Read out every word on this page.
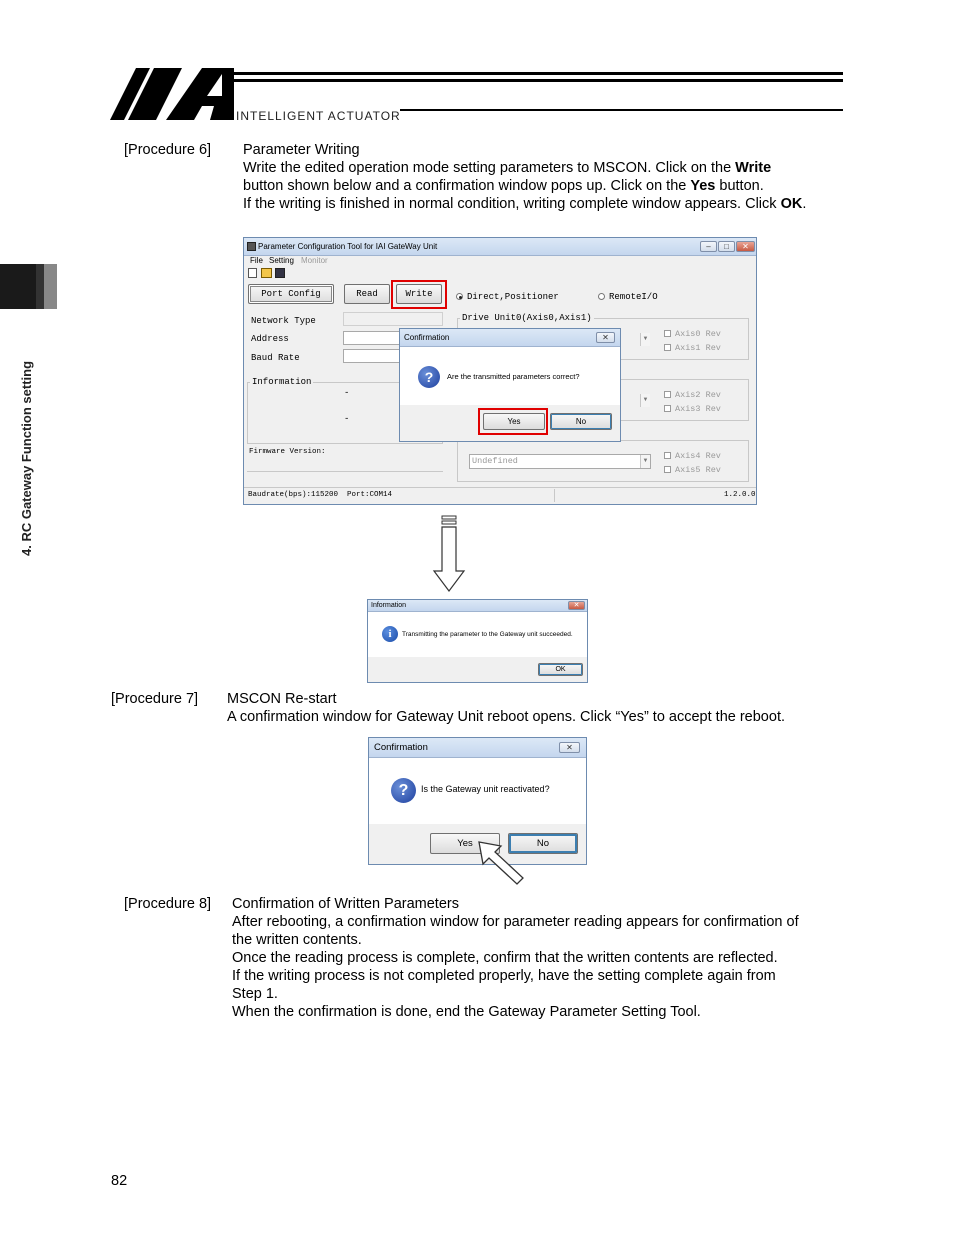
INTELLIGENT ACTUATOR
4. RC Gateway Function setting
[Procedure 6] Parameter Writing
Write the edited operation mode setting parameters to MSCON. Click on the Write
button shown below and a confirmation window pops up. Click on the Yes button.
If the writing is finished in normal condition, writing complete window appears. Click OK.
Parameter Configuration Tool for IAI GateWay Unit	‒	□	✕
File Setting Monitor
Port Config	Read	Write	Direct,Positioner	RemoteI/O
Network Type
Address
Baud Rate
Information
-
-
Firmware Version:
Drive Unit0(Axis0,Axis1)
▼	Axis0 Rev
Axis1 Rev
▼	Axis2 Rev
Axis3 Rev
Undefined	▼	Axis4 Rev
Axis5 Rev
Baudrate(bps):115200 Port:COM14	1.2.0.0
Confirmation	✕
?	Are the transmitted parameters correct?
Yes	No
Information	✕
i	Transmitting the parameter to the Gateway unit succeeded.
OK
[Procedure 7] MSCON Re-start
A confirmation window for Gateway Unit reboot opens. Click “Yes” to accept the reboot.
Confirmation	✕
?	Is the Gateway unit reactivated?
Yes	No
[Procedure 8] Confirmation of Written Parameters
After rebooting, a confirmation window for parameter reading appears for confirmation of
the written contents.
Once the reading process is complete, confirm that the written contents are reflected.
If the writing process is not completed properly, have the setting complete again from
Step 1.
When the confirmation is done, end the Gateway Parameter Setting Tool.
82
